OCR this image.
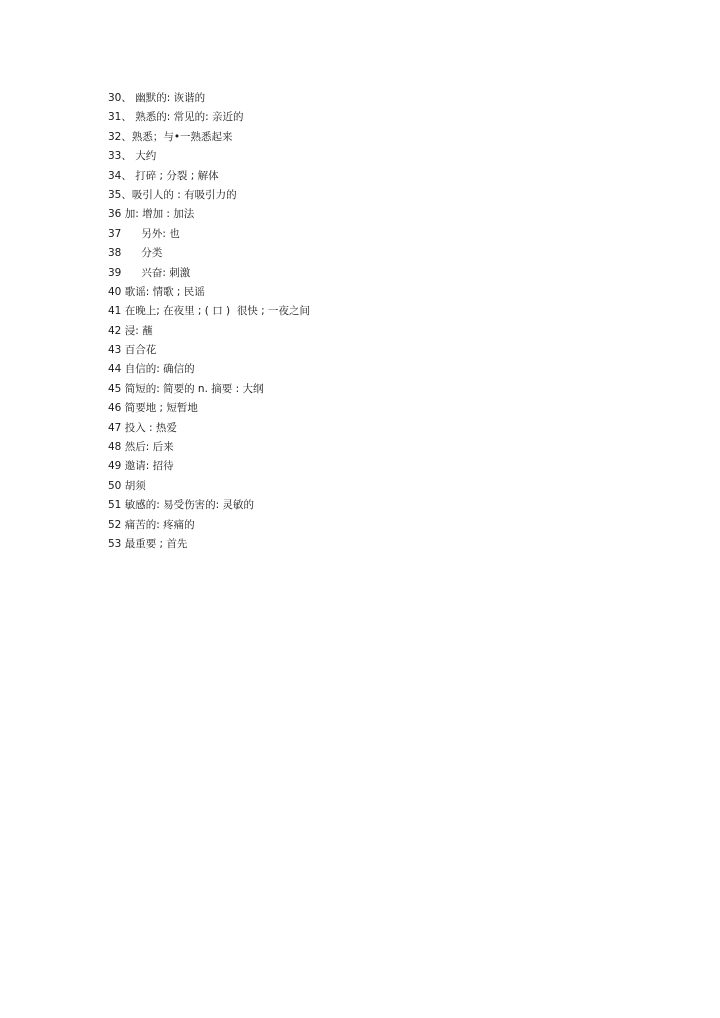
30、 幽默的: 诙谐的
31、 熟悉的: 常见的: 亲近的
32、熟悉；与•一熟悉起来
33、 大约
34、 打碎 ; 分裂 ; 解体
35、吸引人的 : 有吸引力的
36 加: 增加 : 加法
37      另外: 也
38      分类
39      兴奋: 刺激
40 歌谣: 情歌 ; 民谣
41 在晚上; 在夜里 ; ( 口 )  很快 ; 一夜之间
42 浸: 蘸
43 百合花
44 自信的: 确信的
45 简短的: 简要的 n. 摘要 : 大纲
46 简要地 ; 短暂地
47 投入 : 热爱
48 然后: 后来
49 邀请: 招待
50 胡须
51 敏感的: 易受伤害的: 灵敏的
52 痛苦的: 疼痛的
53 最重要 ; 首先
